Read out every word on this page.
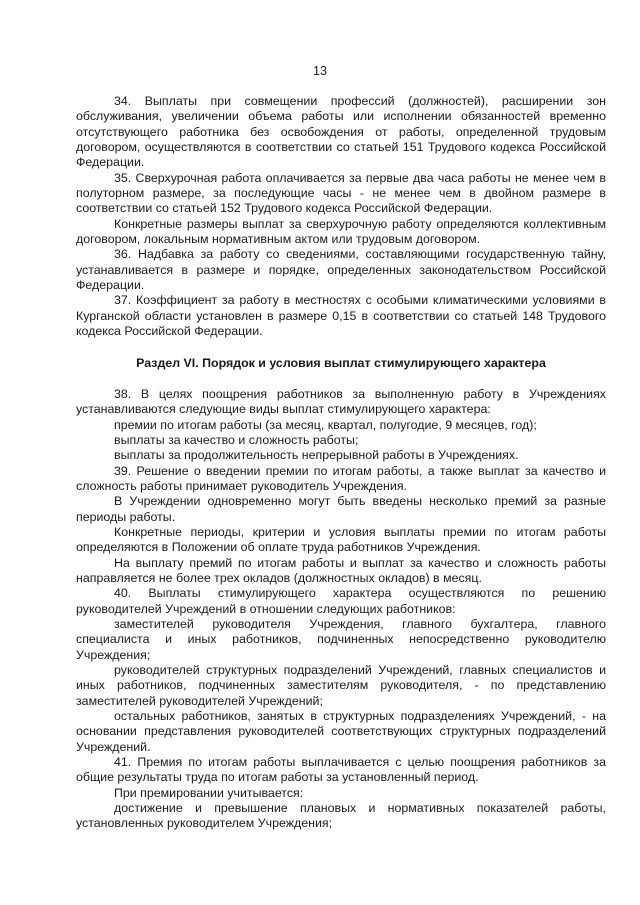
13

34. Выплаты при совмещении профессий (должностей), расширении зон обслуживания, увеличении объема работы или исполнении обязанностей временно отсутствующего работника без освобождения от работы, определенной трудовым договором, осуществляются в соответствии со статьей 151 Трудового кодекса Российской Федерации.

35. Сверхурочная работа оплачивается за первые два часа работы не менее чем в полуторном размере, за последующие часы - не менее чем в двойном размере в соответствии со статьей 152 Трудового кодекса Российской Федерации.

Конкретные размеры выплат за сверхурочную работу определяются коллективным договором, локальным нормативным актом или трудовым договором.

36. Надбавка за работу со сведениями, составляющими государственную тайну, устанавливается в размере и порядке, определенных законодательством Российской Федерации.

37. Коэффициент за работу в местностях с особыми климатическими условиями в Курганской области установлен в размере 0,15 в соответствии со статьей 148 Трудового кодекса Российской Федерации.

Раздел VI. Порядок и условия выплат стимулирующего характера

38. В целях поощрения работников за выполненную работу в Учреждениях устанавливаются следующие виды выплат стимулирующего характера:

премии по итогам работы (за месяц, квартал, полугодие, 9 месяцев, год);

выплаты за качество и сложность работы;

выплаты за продолжительность непрерывной работы в Учреждениях.

39. Решение о введении премии по итогам работы, а также выплат за качество и сложность работы принимает руководитель Учреждения.

В Учреждении одновременно могут быть введены несколько премий за разные периоды работы.

Конкретные периоды, критерии и условия выплаты премии по итогам работы определяются в Положении об оплате труда работников Учреждения.

На выплату премий по итогам работы и выплат за качество и сложность работы направляется не более трех окладов (должностных окладов) в месяц.

40. Выплаты стимулирующего характера осуществляются по решению руководителей Учреждений в отношении следующих работников:

заместителей руководителя Учреждения, главного бухгалтера, главного специалиста и иных работников, подчиненных непосредственно руководителю Учреждения;

руководителей структурных подразделений Учреждений, главных специалистов и иных работников, подчиненных заместителям руководителя, - по представлению заместителей руководителей Учреждений;

остальных работников, занятых в структурных подразделениях Учреждений, - на основании представления руководителей соответствующих структурных подразделений Учреждений.

41. Премия по итогам работы выплачивается с целью поощрения работников за общие результаты труда по итогам работы за установленный период.

При премировании учитывается:

достижение и превышение плановых и нормативных показателей работы, установленных руководителем Учреждения;
